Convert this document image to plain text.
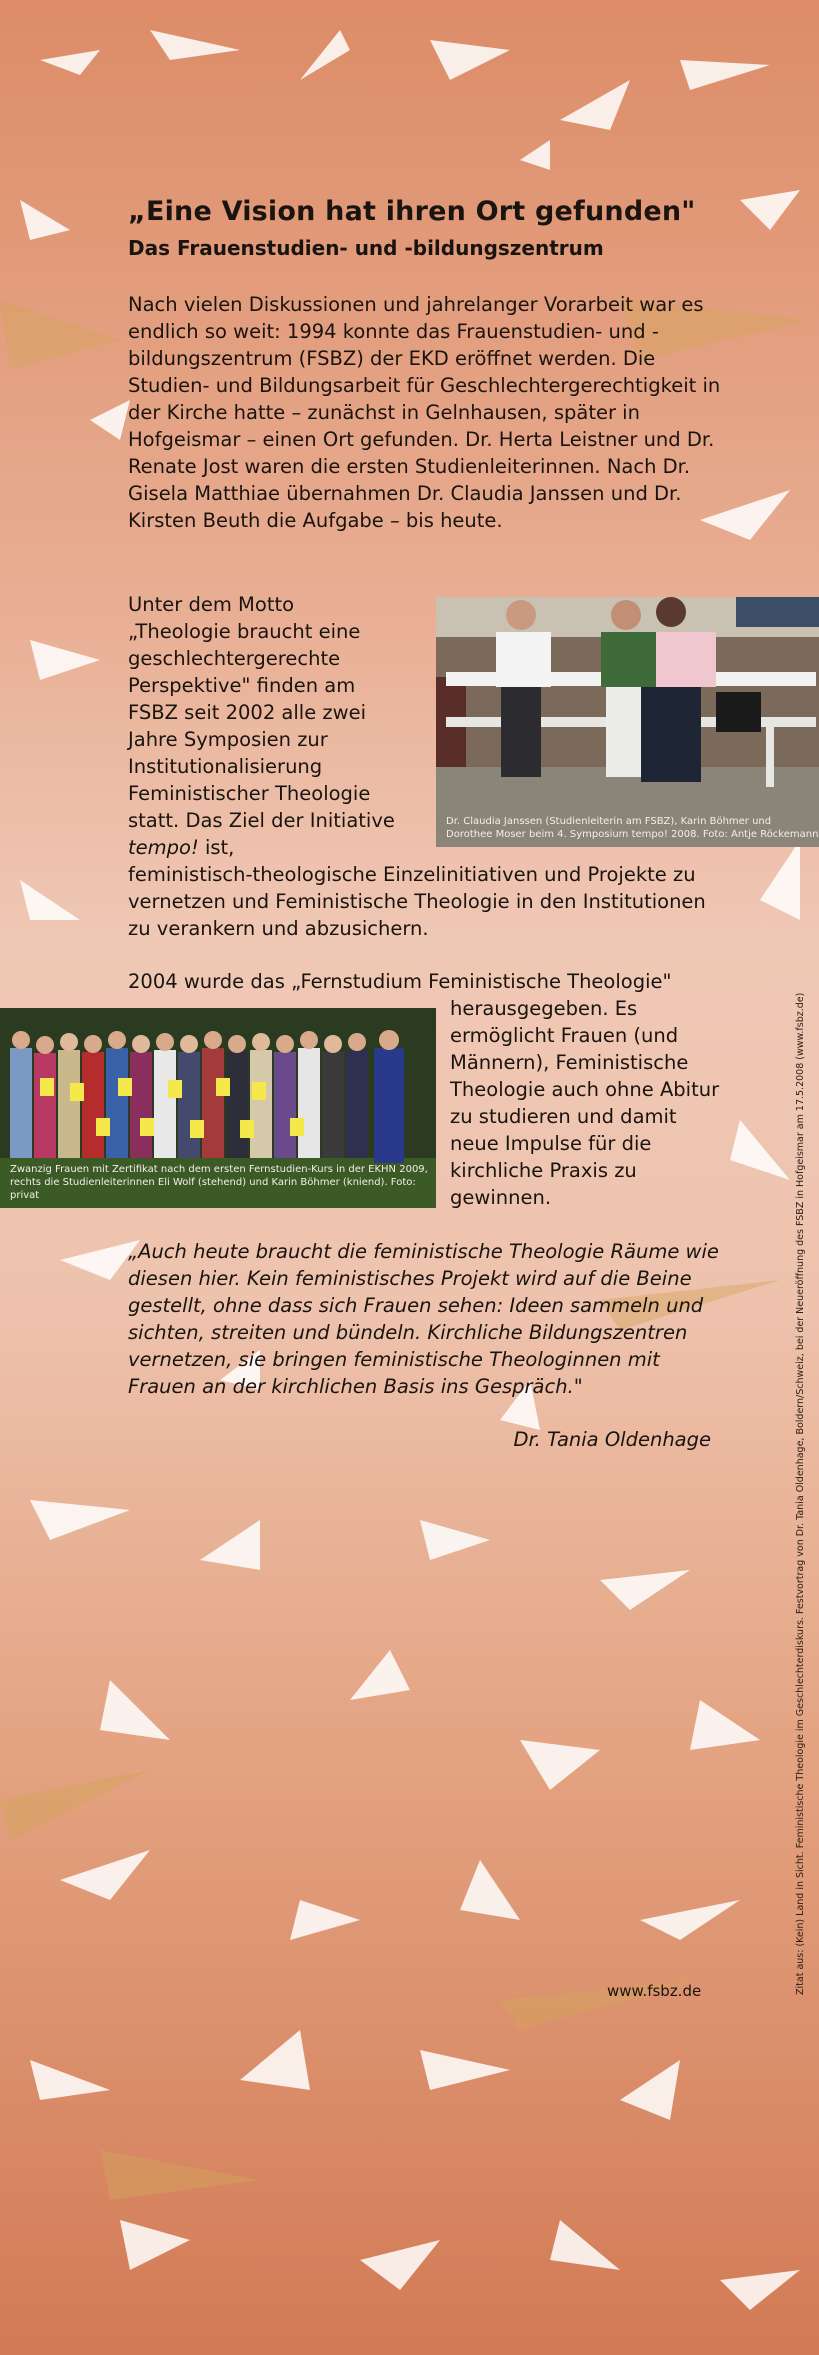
„Eine Vision hat ihren Ort gefunden"
Das Frauenstudien- und -bildungszentrum

Nach vielen Diskussionen und jahrelanger Vorarbeit war es endlich so weit: 1994 konnte das Frauenstudien- und -bildungszentrum (FSBZ) der EKD eröffnet werden. Die Studien- und Bildungsarbeit für Geschlechtergerechtigkeit in der Kirche hatte – zunächst in Gelnhausen, später in Hofgeismar – einen Ort gefunden. Dr. Herta Leistner und Dr. Renate Jost waren die ersten Studienleiterinnen. Nach Dr. Gisela Matthiae übernahmen Dr. Claudia Janssen und Dr. Kirsten Beuth die Aufgabe – bis heute.

Unter dem Motto „Theologie braucht eine geschlechtergerechte Perspektive" finden am FSBZ seit 2002 alle zwei Jahre Symposien zur Institutionalisierung Feministischer Theologie statt. Das Ziel der Initiative tempo! ist,

feministisch-theologische Einzelinitiativen und Projekte zu vernetzen und Feministische Theologie in den Institutionen zu verankern und abzusichern.

Dr. Claudia Janssen (Studienleiterin am FSBZ), Karin Böhmer und
Dorothee Moser beim 4. Symposium tempo! 2008. Foto: Antje Röckemann

2004 wurde das „Fernstudium Feministische Theologie"

herausgegeben. Es ermöglicht Frauen (und Männern), Feministische Theologie auch ohne Abitur zu studieren und damit neue Impulse für die kirchliche Praxis zu gewinnen.

Zwanzig Frauen mit Zertifikat nach dem ersten Fernstudien-Kurs in der EKHN 2009,
rechts die Studienleiterinnen Eli Wolf (stehend) und Karin Böhmer (kniend). Foto: privat

„Auch heute braucht die feministische Theologie Räume wie diesen hier. Kein feministisches Projekt wird auf die Beine gestellt, ohne dass sich Frauen sehen: Ideen sammeln und sichten, streiten und bündeln. Kirchliche Bildungszentren vernetzen, sie bringen feministische Theologinnen mit Frauen an der kirchlichen Basis ins Gespräch."

Dr. Tania Oldenhage
www.fsbz.de	Zitat aus: (Kein) Land in Sicht. Feministische Theologie im Geschlechterdiskurs. Festvortrag von Dr. Tania Oldenhage, Boldern/Schweiz, bei der Neueröffnung des FSBZ in Hofgeismar am 17.5.2008 (www.fsbz.de)
